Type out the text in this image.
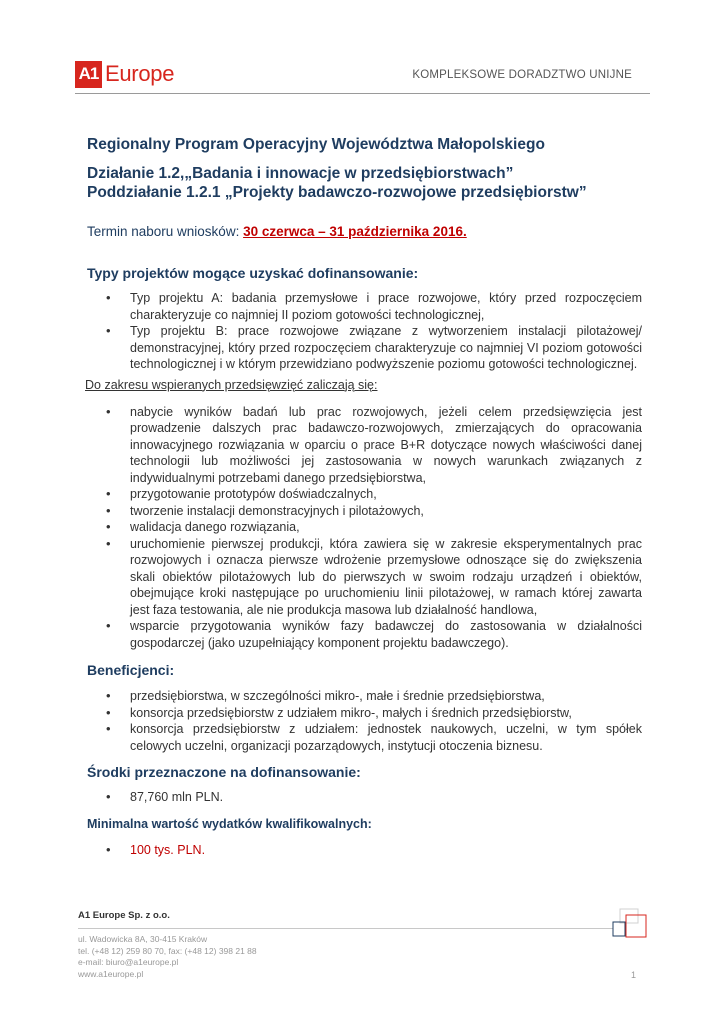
A1 Europe	KOMPLEKSOWE DORADZTWO UNIJNE

Regionalny Program Operacyjny Województwa Małopolskiego

Działanie 1.2,„Badania i innowacje w przedsiębiorstwach”

Poddziałanie 1.2.1 „Projekty badawczo-rozwojowe przedsiębiorstw”

Termin naboru wniosków: 30 czerwca – 31 października 2016.

Typy projektów mogące uzyskać dofinansowanie:

• Typ projektu A: badania przemysłowe i prace rozwojowe, który przed rozpoczęciem charakteryzuje co najmniej II poziom gotowości technologicznej,
• Typ projektu B: prace rozwojowe związane z wytworzeniem instalacji pilotażowej/ demonstracyjnej, który przed rozpoczęciem charakteryzuje co najmniej VI poziom gotowości technologicznej i w którym przewidziano podwyższenie poziomu gotowości technologicznej.

Do zakresu wspieranych przedsięwzięć zaliczają się:

• nabycie wyników badań lub prac rozwojowych, jeżeli celem przedsięwzięcia jest prowadzenie dalszych prac badawczo-rozwojowych, zmierzających do opracowania innowacyjnego rozwiązania w oparciu o prace B+R dotyczące nowych właściwości danej technologii lub możliwości jej zastosowania w nowych warunkach związanych z indywidualnymi potrzebami danego przedsiębiorstwa,
• przygotowanie prototypów doświadczalnych,
• tworzenie instalacji demonstracyjnych i pilotażowych,
• walidacja danego rozwiązania,
• uruchomienie pierwszej produkcji, która zawiera się w zakresie eksperymentalnych prac rozwojowych i oznacza pierwsze wdrożenie przemysłowe odnoszące się do zwiększenia skali obiektów pilotażowych lub do pierwszych w swoim rodzaju urządzeń i obiektów, obejmujące kroki następujące po uruchomieniu linii pilotażowej, w ramach której zawarta jest faza testowania, ale nie produkcja masowa lub działalność handlowa,
• wsparcie przygotowania wyników fazy badawczej do zastosowania w działalności gospodarczej (jako uzupełniający komponent projektu badawczego).

Beneficjenci:

• przedsiębiorstwa, w szczególności mikro-, małe i średnie przedsiębiorstwa,
• konsorcja przedsiębiorstw z udziałem mikro-, małych i średnich przedsiębiorstw,
• konsorcja przedsiębiorstw z udziałem: jednostek naukowych, uczelni, w tym spółek celowych uczelni, organizacji pozarządowych, instytucji otoczenia biznesu.

Środki przeznaczone na dofinansowanie:

• 87,760 mln PLN.

Minimalna wartość wydatków kwalifikowalnych:

• 100 tys. PLN.
A1 Europe Sp. z o.o.
ul. Wadowicka 8A, 30-415 Kraków
tel. (+48 12) 259 80 70, fax: (+48 12) 398 21 88
e-mail: biuro@a1europe.pl
www.a1europe.pl	1
